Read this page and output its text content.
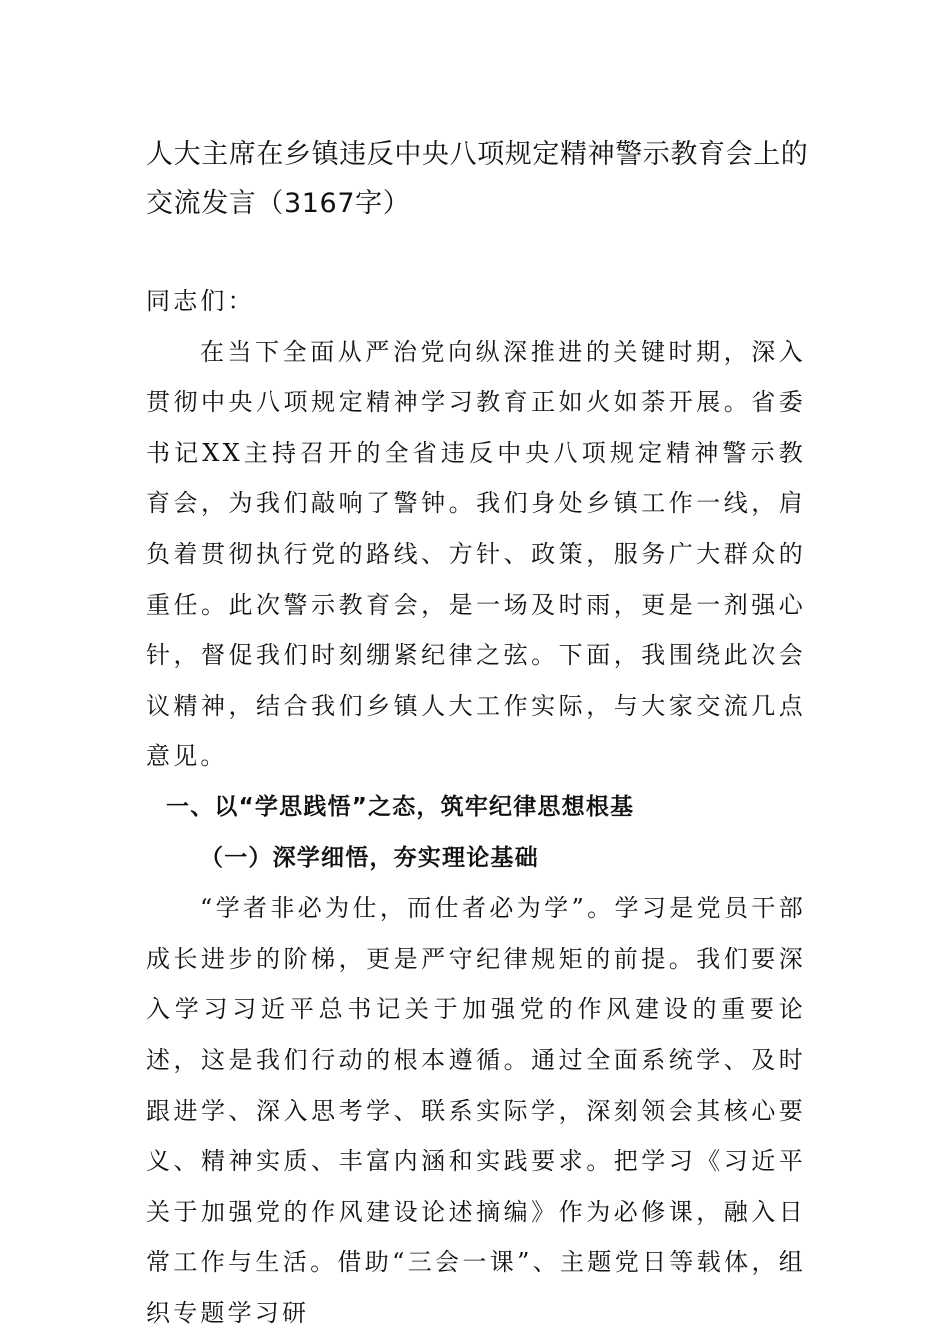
人大主席在乡镇违反中央八项规定精神警示教育会上的交流发言（3167字）
同志们：
在当下全面从严治党向纵深推进的关键时期，深入贯彻中央八项规定精神学习教育正如火如荼开展。省委书记XX主持召开的全省违反中央八项规定精神警示教育会，为我们敲响了警钟。我们身处乡镇工作一线，肩负着贯彻执行党的路线、方针、政策，服务广大群众的重任。此次警示教育会，是一场及时雨，更是一剂强心针，督促我们时刻绷紧纪律之弦。下面，我围绕此次会议精神，结合我们乡镇人大工作实际，与大家交流几点意见。
一、以“学思践悟”之态，筑牢纪律思想根基
（一）深学细悟，夯实理论基础
“学者非必为仕，而仕者必为学”。学习是党员干部成长进步的阶梯，更是严守纪律规矩的前提。我们要深入学习习近平总书记关于加强党的作风建设的重要论述，这是我们行动的根本遵循。通过全面系统学、及时跟进学、深入思考学、联系实际学，深刻领会其核心要义、精神实质、丰富内涵和实践要求。把学习《习近平关于加强党的作风建设论述摘编》作为必修课，融入日常工作与生活。借助“三会一课”、主题党日等载体，组织专题学习研
